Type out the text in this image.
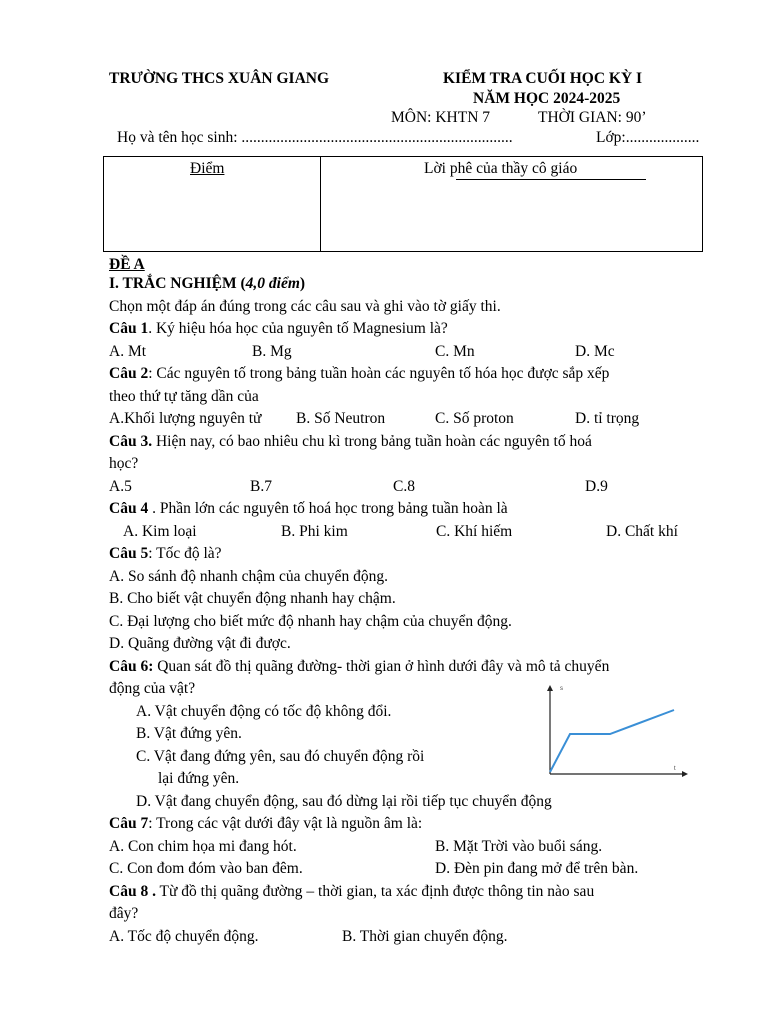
TRƯỜNG THCS XUÂN GIANG	KIỂM TRA CUỐI HỌC KỲ I
NĂM HỌC 2024-2025
MÔN: KHTN 7	THỜI GIAN: 90’
Họ và tên học sinh: ......................................................................	Lớp:...................
Điểm	Lời phê của thầy cô giáo
ĐỀ A
I. TRẮC NGHIỆM (4,0 điểm)
Chọn một đáp án đúng trong các câu sau và ghi vào tờ giấy thi.
Câu 1. Ký hiệu hóa học của nguyên tố Magnesium là?
A. Mt	B. Mg	C. Mn	D. Mc
Câu 2: Các nguyên tố trong bảng tuần hoàn các nguyên tố hóa học được sắp xếp
theo thứ tự tăng dần của
A.Khối lượng nguyên tử B. Số Neutron	C. Số proton	D. tỉ trọng
Câu 3. Hiện nay, có bao nhiêu chu kì trong bảng tuần hoàn các nguyên tố hoá
học?
A.5	B.7	C.8	D.9
Câu 4 . Phần lớn các nguyên tố hoá học trong bảng tuần hoàn là
A. Kim loại	B. Phi kim	C. Khí hiếm	D. Chất khí
Câu 5: Tốc độ là?
A. So sánh độ nhanh chậm của chuyển động.
B. Cho biết vật chuyển động nhanh hay chậm.
C. Đại lượng cho biết mức độ nhanh hay chậm của chuyển động.
D. Quãng đường vật đi được.
Câu 6: Quan sát đồ thị quãng đường- thời gian ở hình dưới đây và mô tả chuyển
động của vật?
A. Vật chuyển động có tốc độ không đổi.
B. Vật đứng yên.
C. Vật đang đứng yên, sau đó chuyển động rồi
lại đứng yên.
D. Vật đang chuyển động, sau đó dừng lại rồi tiếp tục chuyển động
s
t
Câu 7: Trong các vật dưới đây vật là nguồn âm là:
A. Con chim họa mi đang hót.	B. Mặt Trời vào buổi sáng.
C. Con đom đóm vào ban đêm.	D. Đèn pin đang mở để trên bàn.
Câu 8 . Từ đồ thị quãng đường – thời gian, ta xác định được thông tin nào sau
đây?
A. Tốc độ chuyển động.	B. Thời gian chuyển động.
